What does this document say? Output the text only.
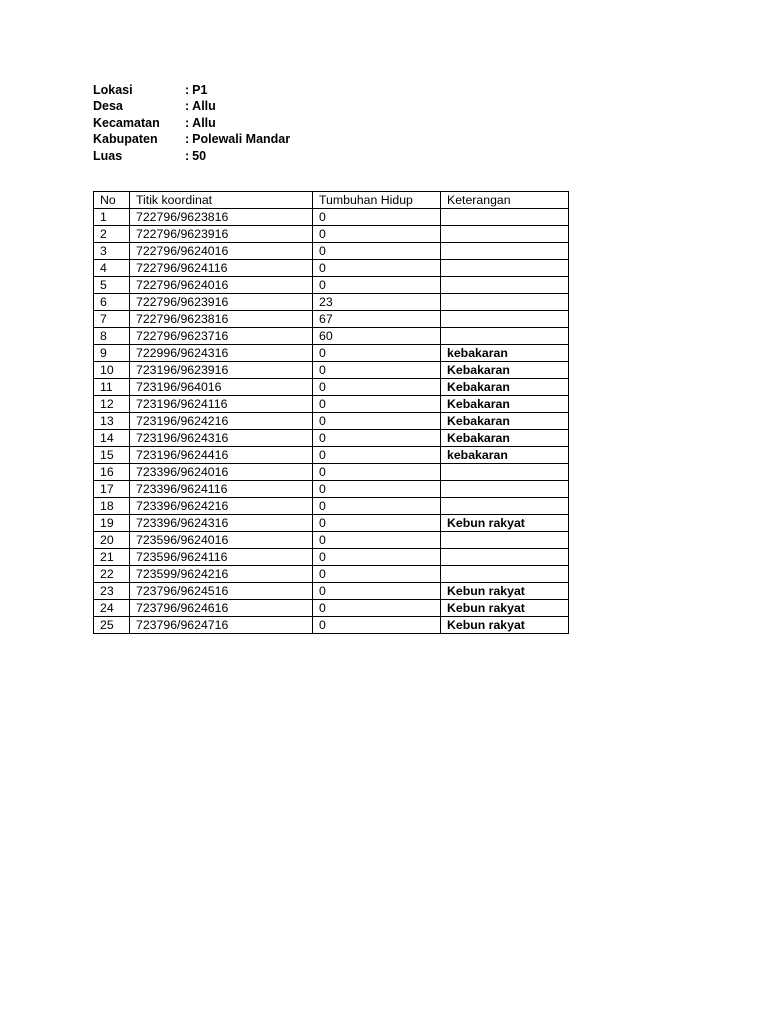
Lokasi	: P1
Desa	: Allu
Kecamatan	: Allu
Kabupaten	: Polewali Mandar
Luas	: 50
No	Titik koordinat	Tumbuhan Hidup	Keterangan
1	722796/9623816	0	
2	722796/9623916	0	
3	722796/9624016	0	
4	722796/9624116	0	
5	722796/9624016	0	
6	722796/9623916	23	
7	722796/9623816	67	
8	722796/9623716	60	
9	722996/9624316	0	kebakaran
10	723196/9623916	0	Kebakaran
11	723196/964016	0	Kebakaran
12	723196/9624116	0	Kebakaran
13	723196/9624216	0	Kebakaran
14	723196/9624316	0	Kebakaran
15	723196/9624416	0	kebakaran
16	723396/9624016	0	
17	723396/9624116	0	
18	723396/9624216	0	
19	723396/9624316	0	Kebun rakyat
20	723596/9624016	0	
21	723596/9624116	0	
22	723599/9624216	0	
23	723796/9624516	0	Kebun rakyat
24	723796/9624616	0	Kebun rakyat
25	723796/9624716	0	Kebun rakyat
